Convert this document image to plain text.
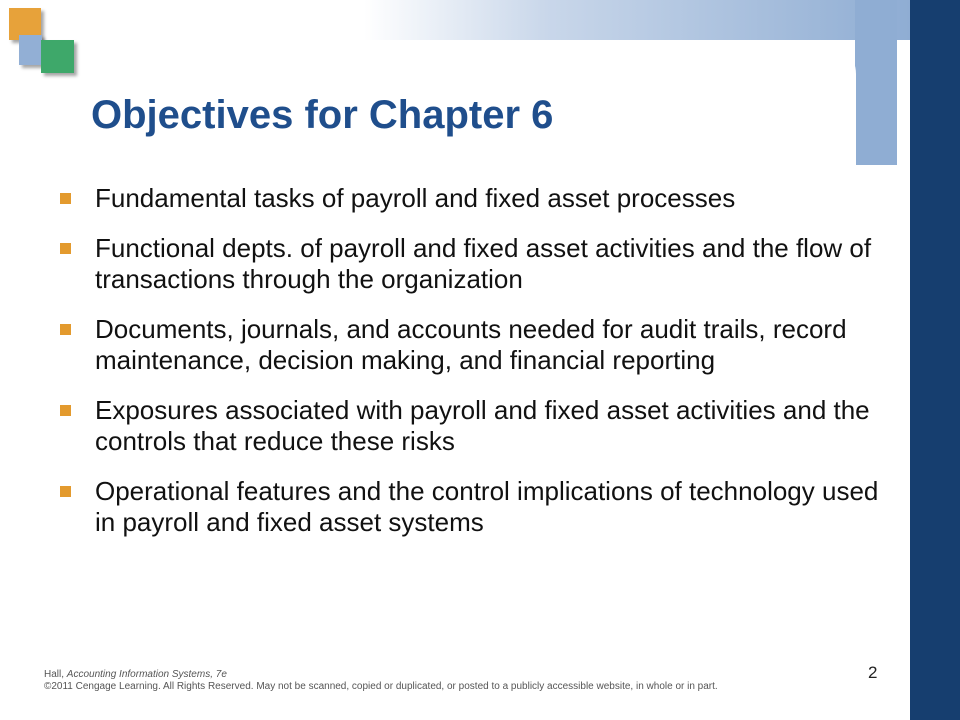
Objectives for Chapter 6
Fundamental tasks of payroll and fixed asset processes
Functional depts. of payroll and fixed asset activities and the flow of transactions through the organization
Documents, journals, and accounts needed for audit trails, record maintenance, decision making, and financial reporting
Exposures associated with payroll and fixed asset activities and the controls that reduce these risks
Operational features and the control implications of technology used in payroll and fixed asset systems
Hall, Accounting Information Systems, 7e
©2011 Cengage Learning. All Rights Reserved. May not be scanned, copied or duplicated, or posted to a publicly accessible website, in whole or in part.
2
